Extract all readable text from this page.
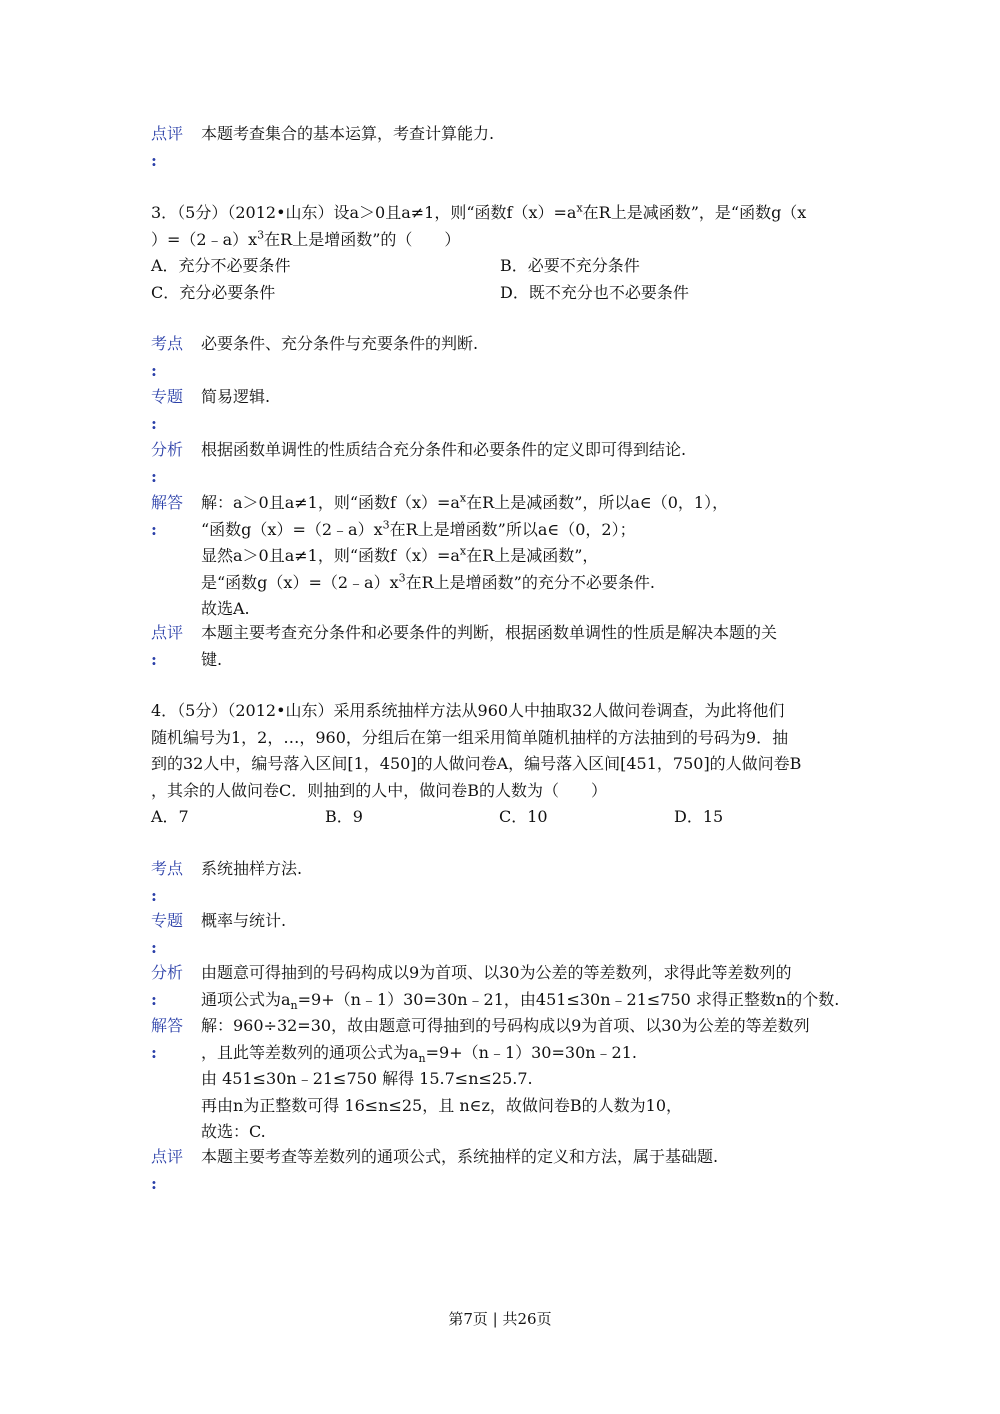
点评
:

本题考查集合的基本运算，考查计算能力.

3．（5分）（2012•山东）设a＞0且a≠1，则“函数$f(x)=a^x$在R上是减函数”，是“函数g（x

）$=(2﹣a)x^3$在R上是增函数”的（　　）

A．充分不必要条件	B．必要不充分条件
C．充分必要条件	D．既不充分也不必要条件
考点
:

必要条件、充分条件与充要条件的判断.

专题
:

简易逻辑.

分析
:

根据函数单调性的性质结合充分条件和必要条件的定义即可得到结论.

解答
:

解：a＞0且a≠1，则“函数$f(x)=a^x$在R上是减函数”，所以a∈（0，1），

“函数$g(x)=(2﹣a)x^3$在R上是增函数”所以a∈（0，2）；

显然a＞0且a≠1，则“函数$f(x)=a^x$在R上是减函数”，

是“函数$g(x)=(2﹣a)x^3$在R上是增函数”的充分不必要条件.

故选A.

点评
:

本题主要考查充分条件和必要条件的判断，根据函数单调性的性质是解决本题的关

键.

4．（5分）（2012•山东）采用系统抽样方法从960人中抽取32人做问卷调查，为此将他们

随机编号为1，2，…，960，分组后在第一组采用简单随机抽样的方法抽到的号码为9．抽

到的32人中，编号落入区间[1，450]的人做问卷A，编号落入区间[451，750]的人做问卷B

，其余的人做问卷C．则抽到的人中，做问卷B的人数为（　　）

A．7	B．9	C．10	D．15
考点
:

系统抽样方法.

专题
:

概率与统计.

分析
:

由题意可得抽到的号码构成以9为首项、以30为公差的等差数列，求得此等差数列的

通项公式为$a_n=9+(n﹣1)30=30n﹣21$，由451≤30n﹣21≤750 求得正整数n的个数.

解答
:

解：960÷32=30，故由题意可得抽到的号码构成以9为首项、以30为公差的等差数列

，且此等差数列的通项公式为$a_n=9+(n﹣1)30=30n﹣21$.

由 451≤30n﹣21≤750 解得 15.7≤n≤25.7.

再由n为正整数可得 16≤n≤25，且 n∈z，故做问卷B的人数为10，

故选：C.

点评
:

本题主要考查等差数列的通项公式，系统抽样的定义和方法，属于基础题.

第7页 | 共26页
